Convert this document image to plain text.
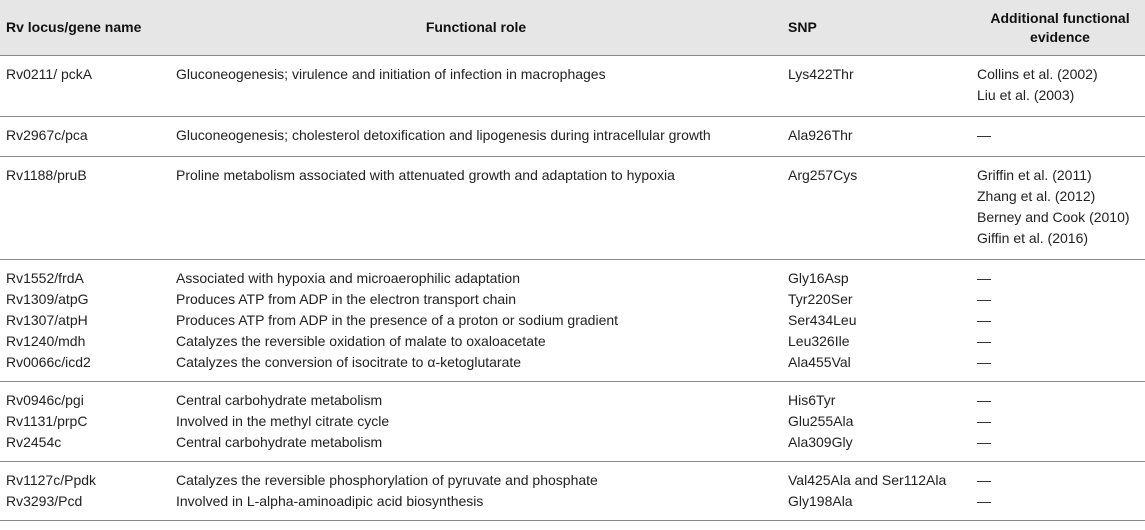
Rv locus/gene name	Functional role	SNP	Additional functional evidence
Rv0211/ pckA	Gluconeogenesis; virulence and initiation of infection in macrophages	Lys422Thr	Collins et al. (2002)
Liu et al. (2003)

Rv2967c/pca	Gluconeogenesis; cholesterol detoxification and lipogenesis during intracellular growth	Ala926Thr	—

Rv1188/pruB	Proline metabolism associated with attenuated growth and adaptation to hypoxia	Arg257Cys	Griffin et al. (2011)
Zhang et al. (2012)
Berney and Cook (2010)
Giffin et al. (2016)

Rv1552/frdA	Associated with hypoxia and microaerophilic adaptation	Gly16Asp	—

Rv1309/atpG	Produces ATP from ADP in the electron transport chain	Tyr220Ser	—

Rv1307/atpH	Produces ATP from ADP in the presence of a proton or sodium gradient	Ser434Leu	—

Rv1240/mdh	Catalyzes the reversible oxidation of malate to oxaloacetate	Leu326Ile	—

Rv0066c/icd2	Catalyzes the conversion of isocitrate to α-ketoglutarate	Ala455Val	—

Rv0946c/pgi	Central carbohydrate metabolism	His6Tyr	—

Rv1131/prpC	Involved in the methyl citrate cycle	Glu255Ala	—

Rv2454c	Central carbohydrate metabolism	Ala309Gly	—

Rv1127c/Ppdk	Catalyzes the reversible phosphorylation of pyruvate and phosphate	Val425Ala and Ser112Ala	—

Rv3293/Pcd	Involved in L-alpha-aminoadipic acid biosynthesis	Gly198Ala	—
